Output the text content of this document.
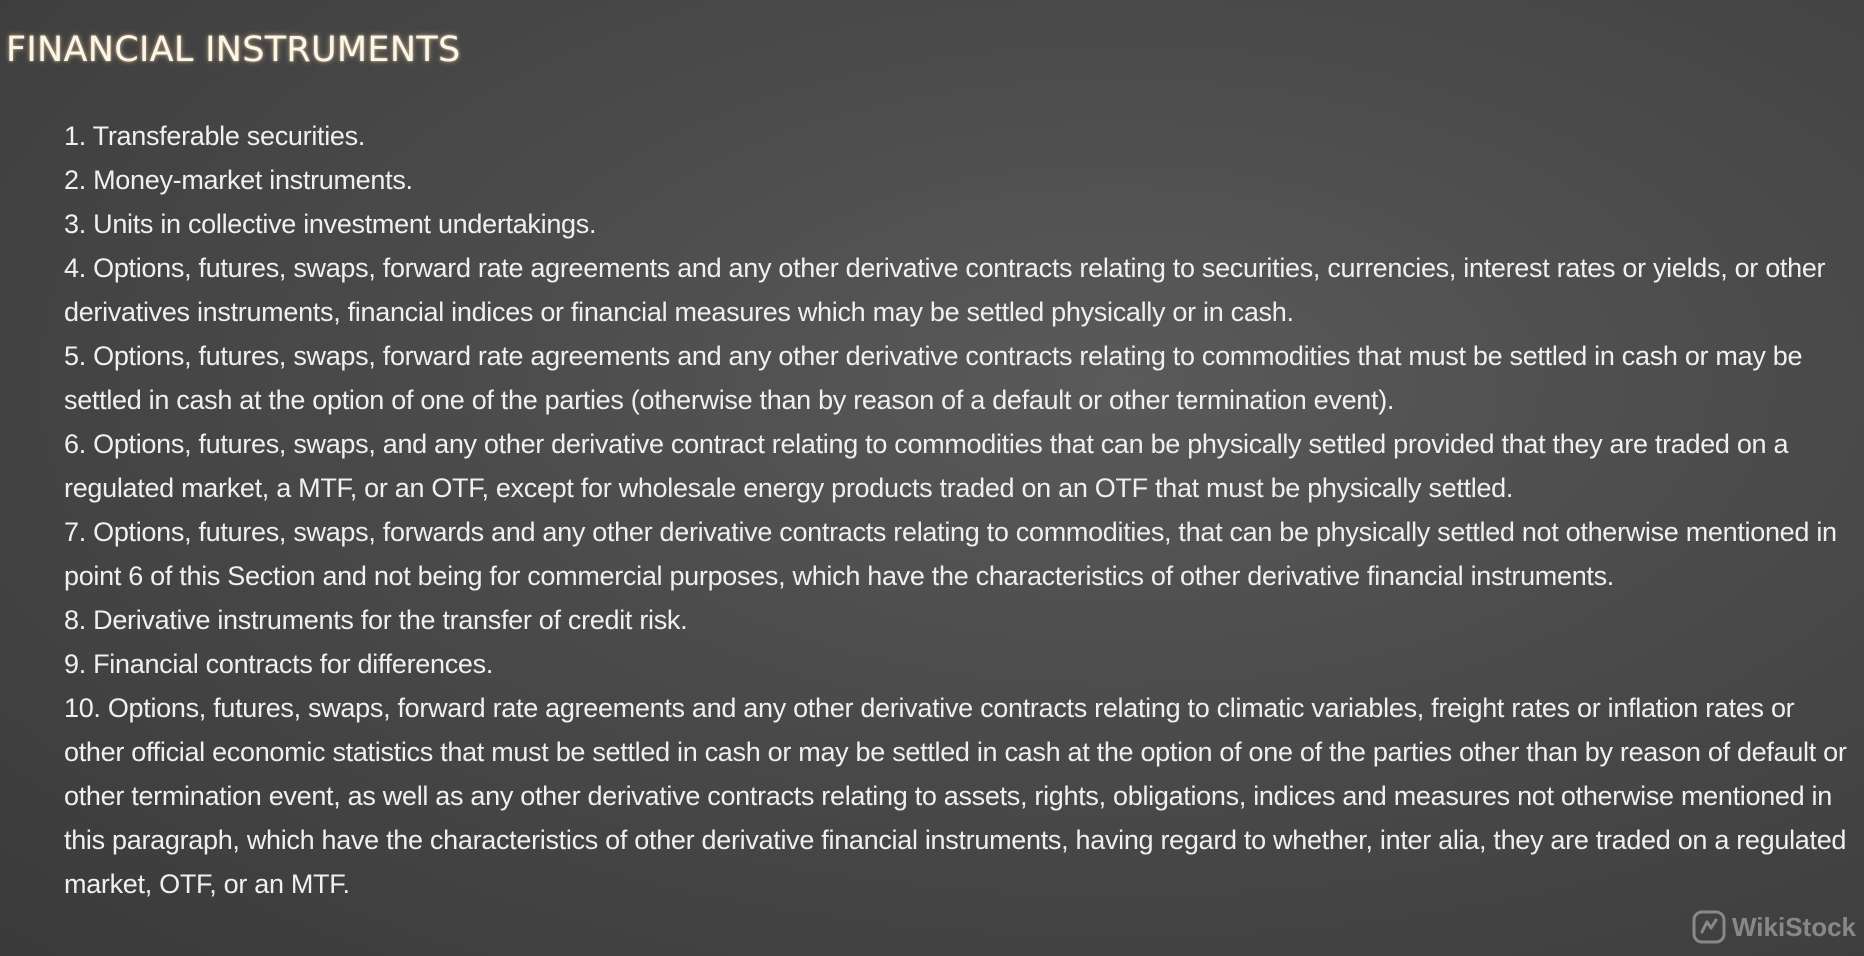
FINANCIAL INSTRUMENTS
1. Transferable securities.
2. Money-market instruments.
3. Units in collective investment undertakings.
4. Options, futures, swaps, forward rate agreements and any other derivative contracts relating to securities, currencies, interest rates or yields, or other derivatives instruments, financial indices or financial measures which may be settled physically or in cash.
5. Options, futures, swaps, forward rate agreements and any other derivative contracts relating to commodities that must be settled in cash or may be settled in cash at the option of one of the parties (otherwise than by reason of a default or other termination event).
6. Options, futures, swaps, and any other derivative contract relating to commodities that can be physically settled provided that they are traded on a regulated market, a MTF, or an OTF, except for wholesale energy products traded on an OTF that must be physically settled.
7. Options, futures, swaps, forwards and any other derivative contracts relating to commodities, that can be physically settled not otherwise mentioned in point 6 of this Section and not being for commercial purposes, which have the characteristics of other derivative financial instruments.
8. Derivative instruments for the transfer of credit risk.
9. Financial contracts for differences.
10. Options, futures, swaps, forward rate agreements and any other derivative contracts relating to climatic variables, freight rates or inflation rates or other official economic statistics that must be settled in cash or may be settled in cash at the option of one of the parties other than by reason of default or other termination event, as well as any other derivative contracts relating to assets, rights, obligations, indices and measures not otherwise mentioned in this paragraph, which have the characteristics of other derivative financial instruments, having regard to whether, inter alia, they are traded on a regulated market, OTF, or an MTF.
WikiStock
